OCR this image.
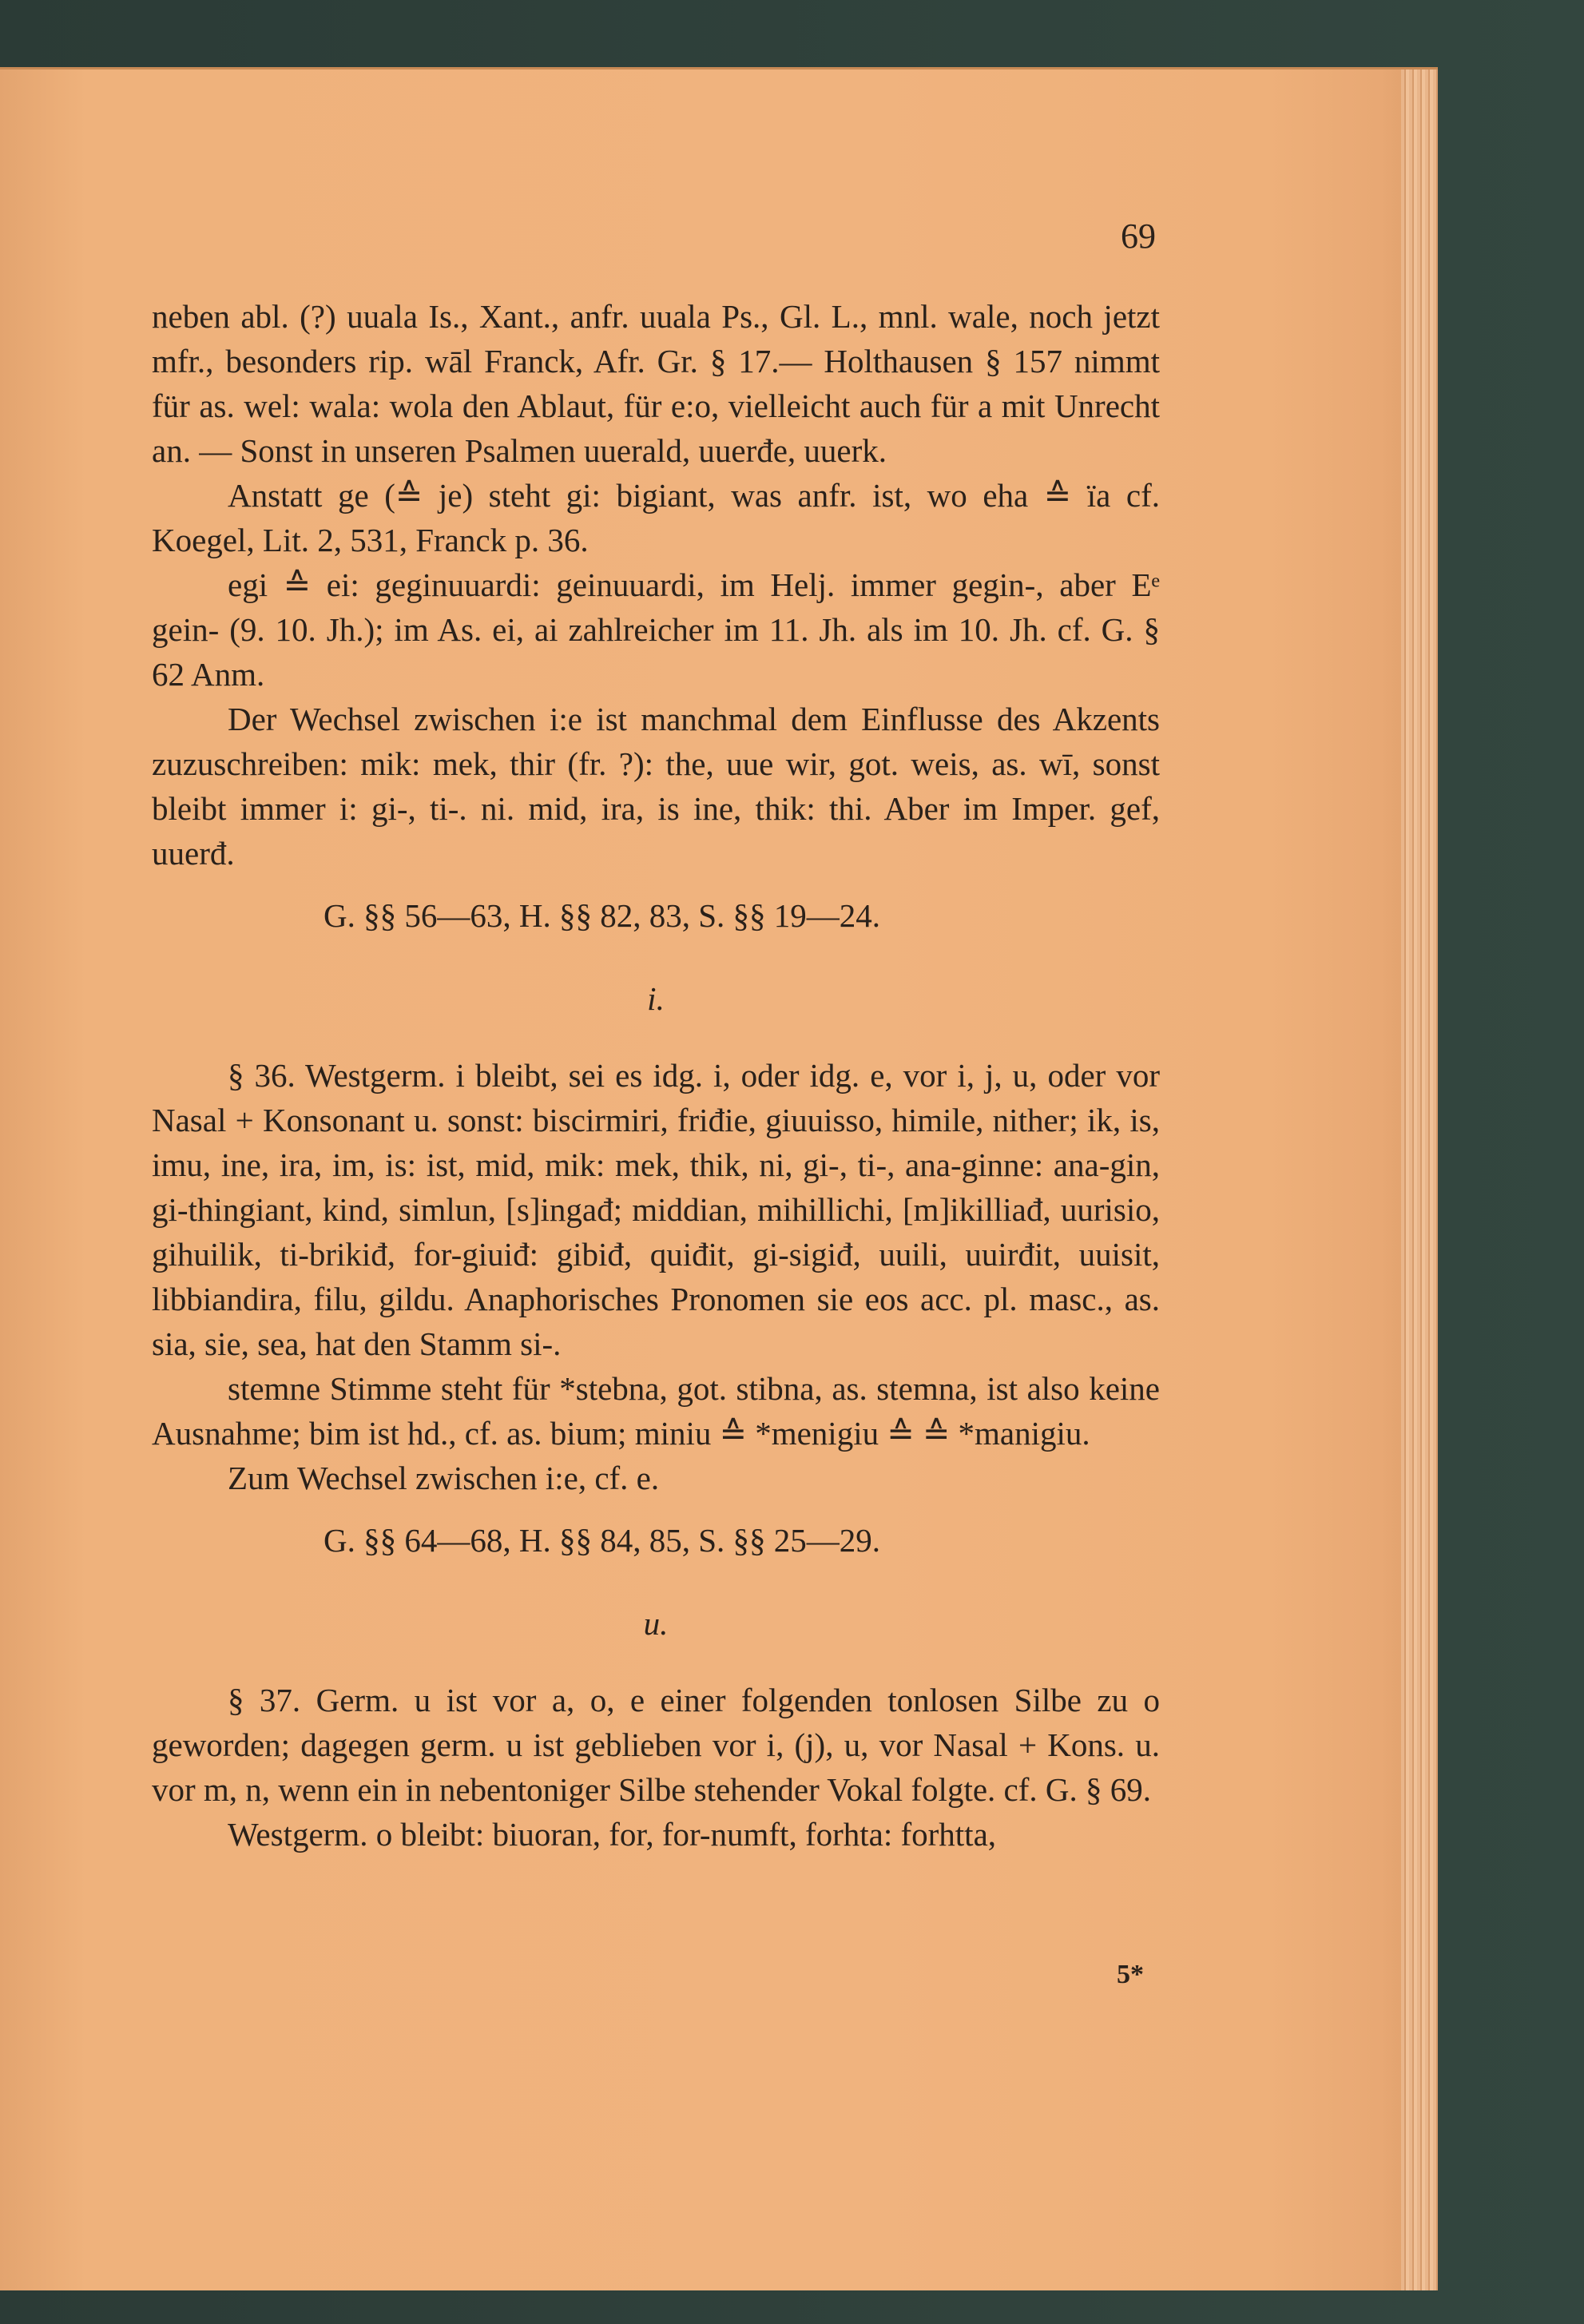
69

neben abl. (?) uuala Is., Xant., anfr. uuala Ps., Gl. L., mnl. wale, noch jetzt mfr., besonders rip. wāl Franck, Afr. Gr. § 17.— Holthausen § 157 nimmt für as. wel: wala: wola den Ablaut, für e:o, vielleicht auch für a mit Unrecht an. — Sonst in unseren Psalmen uuerald, uuerđe, uuerk.

Anstatt ge (≙ je) steht gi: bigiant, was anfr. ist, wo eha ≙ ïa cf. Koegel, Lit. 2, 531, Franck p. 36.

egi ≙ ei: geginuuardi: geinuuardi, im Helj. immer gegin-, aber Eᵉ gein- (9. 10. Jh.); im As. ei, ai zahlreicher im 11. Jh. als im 10. Jh. cf. G. § 62 Anm.

Der Wechsel zwischen i:e ist manchmal dem Einflusse des Akzents zuzuschreiben: mik: mek, thir (fr. ?): the, uue wir, got. weis, as. wī, sonst bleibt immer i: gi-, ti-. ni. mid, ira, is ine, thik: thi. Aber im Imper. gef, uuerđ.

G. §§ 56—63, H. §§ 82, 83, S. §§ 19—24.

i.

§ 36. Westgerm. i bleibt, sei es idg. i, oder idg. e, vor i, j, u, oder vor Nasal + Konsonant u. sonst: biscirmiri, friđie, giuuisso, himile, nither; ik, is, imu, ine, ira, im, is: ist, mid, mik: mek, thik, ni, gi-, ti-, ana-ginne: ana-gin, gi-thingiant, kind, simlun, [s]ingađ; middian, mihillichi, [m]ikilliađ, uurisio, gihuilik, ti-brikiđ, for-giuiđ: gibiđ, quiđit, gi-sigiđ, uuili, uuirđit, uuisit, libbiandira, filu, gildu. Anaphorisches Pronomen sie eos acc. pl. masc., as. sia, sie, sea, hat den Stamm si-.

stemne Stimme steht für *stebna, got. stibna, as. stemna, ist also keine Ausnahme; bim ist hd., cf. as. bium; miniu ≙ *menigiu ≙ ≙ *manigiu.

Zum Wechsel zwischen i:e, cf. e.

G. §§ 64—68, H. §§ 84, 85, S. §§ 25—29.

u.

§ 37. Germ. u ist vor a, o, e einer folgenden tonlosen Silbe zu o geworden; dagegen germ. u ist geblieben vor i, (j), u, vor Nasal + Kons. u. vor m, n, wenn ein in nebentoniger Silbe stehender Vokal folgte. cf. G. § 69.

Westgerm. o bleibt: biuoran, for, for-numft, forhta: forhtta,

5*
